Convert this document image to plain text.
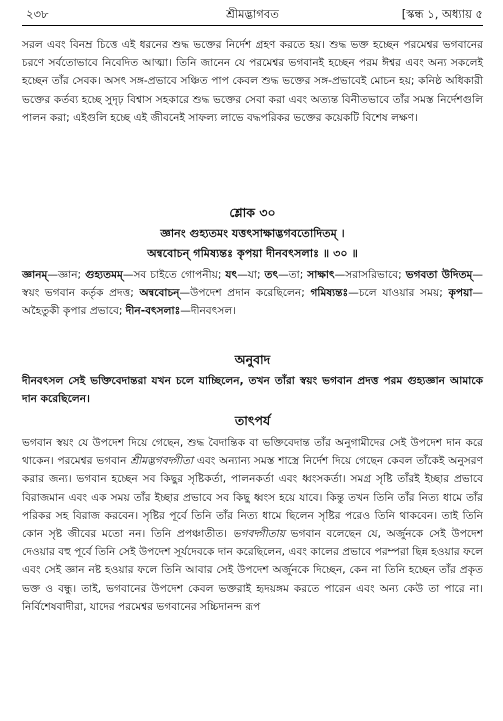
২৩৮	শ্রীমদ্ভাগবত	[স্কন্ধ ১, অধ্যায় ৫

সরল এবং বিনম্র চিত্তে এই ধরনের শুদ্ধ ভক্তের নির্দেশ গ্রহণ করতে হয়। শুদ্ধ ভক্ত হচ্ছেন পরমেশ্বর ভগবানের চরণে সর্বতোভাবে নিবেদিত আত্মা। তিনি জানেন যে পরমেশ্বর ভগবানই হচ্ছেন পরম ঈশ্বর এবং অন্য সকলেই হচ্ছেন তাঁর সেবক। অসৎ সঙ্গ-প্রভাবে সঞ্চিত পাপ কেবল শুদ্ধ ভক্তের সঙ্গ-প্রভাবেই মোচন হয়; কনিষ্ঠ অধিকারী ভক্তের কর্তব্য হচ্ছে সুদৃঢ় বিশ্বাস সহকারে শুদ্ধ ভক্তের সেবা করা এবং অত্যন্ত বিনীতভাবে তাঁর সমস্ত নির্দেশগুলি পালন করা; এইগুলি হচ্ছে এই জীবনেই সাফল্য লাভে বদ্ধপরিকর ভক্তের কয়েকটি বিশেষ লক্ষণ।

শ্লোক ৩০

জ্ঞানং গুহ্যতমং যত্তৎসাক্ষাদ্ভগবতোদিতম্ ।

অন্ববোচন্ গমিষ্যন্তঃ কৃপয়া দীনবৎসলাঃ ॥ ৩০ ॥

জ্ঞানম্—জ্ঞান; গুহ্যতমম্—সব চাইতে গোপনীয়; যৎ—যা; তৎ—তা; সাক্ষাৎ—সরাসরিভাবে; ভগবতা উদিতম্—স্বয়ং ভগবান কর্তৃক প্রদত্ত; অন্ববোচন্—উপদেশ প্রদান করেছিলেন; গমিষ্যন্তঃ—চলে যাওয়ার সময়; কৃপয়া—অহৈতুকী কৃপার প্রভাবে; দীন-বৎসলাঃ—দীনবৎসল।

অনুবাদ

দীনবৎসল সেই ভক্তিবেদান্তরা যখন চলে যাচ্ছিলেন, তখন তাঁরা স্বয়ং ভগবান প্রদত্ত পরম গুহ্যজ্ঞান আমাকে দান করেছিলেন।

তাৎপর্য

ভগবান স্বয়ং যে উপদেশ দিয়ে গেছেন, শুদ্ধ বৈদান্তিক বা ভক্তিবেদান্ত তাঁর অনুগামীদের সেই উপদেশ দান করে থাকেন। পরমেশ্বর ভগবান শ্রীমদ্ভগবদ্গীতা এবং অন্যান্য সমস্ত শাস্ত্রে নির্দেশ দিয়ে গেছেন কেবল তাঁকেই অনুসরণ করার জন্য। ভগবান হচ্ছেন সব কিছুর সৃষ্টিকর্তা, পালনকর্তা এবং ধ্বংসকর্তা। সমগ্র সৃষ্টি তাঁরই ইচ্ছার প্রভাবে বিরাজমান এবং এক সময় তাঁর ইচ্ছার প্রভাবে সব কিছু ধ্বংস হয়ে যাবে। কিন্তু তখন তিনি তাঁর নিত্য ধামে তাঁর পরিকর সহ বিরাজ করবেন। সৃষ্টির পূর্বে তিনি তাঁর নিত্য ধামে ছিলেন সৃষ্টির পরেও তিনি থাকবেন। তাই তিনি কোন সৃষ্ট জীবের মতো নন। তিনি প্রপঞ্চাতীত। ভগবদ্গীতায় ভগবান বলেছেন যে, অর্জুনকে সেই উপদেশ দেওয়ার বহু পূর্বে তিনি সেই উপদেশ সূর্যদেবকে দান করেছিলেন, এবং কালের প্রভাবে পরম্পরা ছিন্ন হওয়ার ফলে এবং সেই জ্ঞান নষ্ট হওয়ার ফলে তিনি আবার সেই উপদেশ অর্জুনকে দিচ্ছেন, কেন না তিনি হচ্ছেন তাঁর প্রকৃত ভক্ত ও বন্ধু। তাই, ভগবানের উপদেশ কেবল ভক্তরাই হৃদয়ঙ্গম করতে পারেন এবং অন্য কেউ তা পারে না। নির্বিশেষবাদীরা, যাদের পরমেশ্বর ভগবানের সচ্চিদানন্দ রূপ
